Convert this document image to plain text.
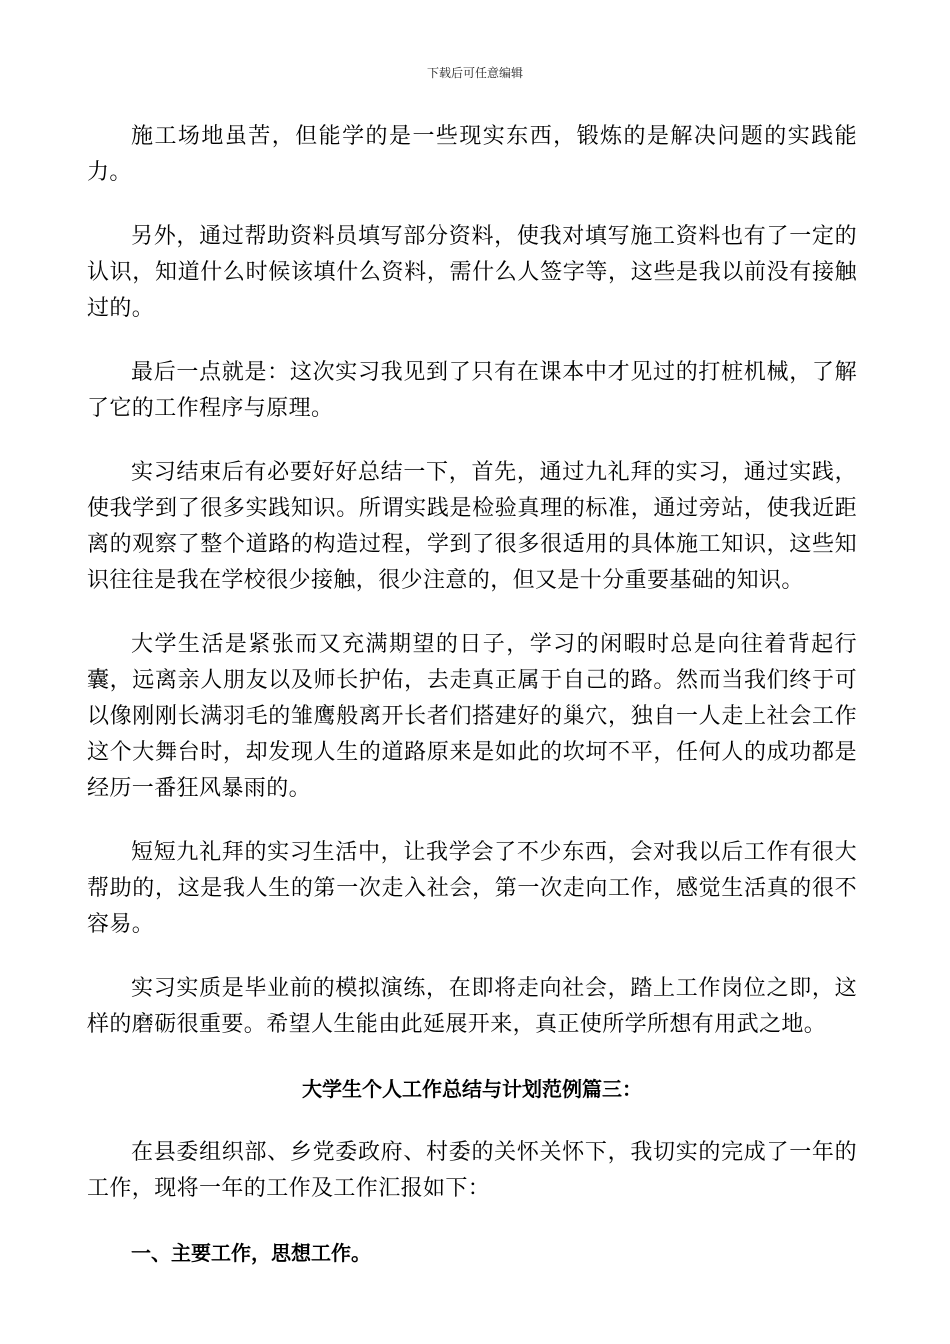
下载后可任意编辑

施工场地虽苦，但能学的是一些现实东西，锻炼的是解决问题的实践能力。

另外，通过帮助资料员填写部分资料，使我对填写施工资料也有了一定的认识，知道什么时候该填什么资料，需什么人签字等，这些是我以前没有接触过的。

最后一点就是：这次实习我见到了只有在课本中才见过的打桩机械，了解了它的工作程序与原理。

实习结束后有必要好好总结一下，首先，通过九礼拜的实习，通过实践，使我学到了很多实践知识。所谓实践是检验真理的标准，通过旁站，使我近距离的观察了整个道路的构造过程，学到了很多很适用的具体施工知识，这些知识往往是我在学校很少接触，很少注意的，但又是十分重要基础的知识。

大学生活是紧张而又充满期望的日子，学习的闲暇时总是向往着背起行囊，远离亲人朋友以及师长护佑，去走真正属于自己的路。然而当我们终于可以像刚刚长满羽毛的雏鹰般离开长者们搭建好的巢穴，独自一人走上社会工作这个大舞台时，却发现人生的道路原来是如此的坎坷不平，任何人的成功都是经历一番狂风暴雨的。

短短九礼拜的实习生活中，让我学会了不少东西，会对我以后工作有很大帮助的，这是我人生的第一次走入社会，第一次走向工作，感觉生活真的很不容易。

实习实质是毕业前的模拟演练，在即将走向社会，踏上工作岗位之即，这样的磨砺很重要。希望人生能由此延展开来，真正使所学所想有用武之地。

大学生个人工作总结与计划范例篇三：

在县委组织部、乡党委政府、村委的关怀关怀下，我切实的完成了一年的工作，现将一年的工作及工作汇报如下：

一、主要工作，思想工作。
